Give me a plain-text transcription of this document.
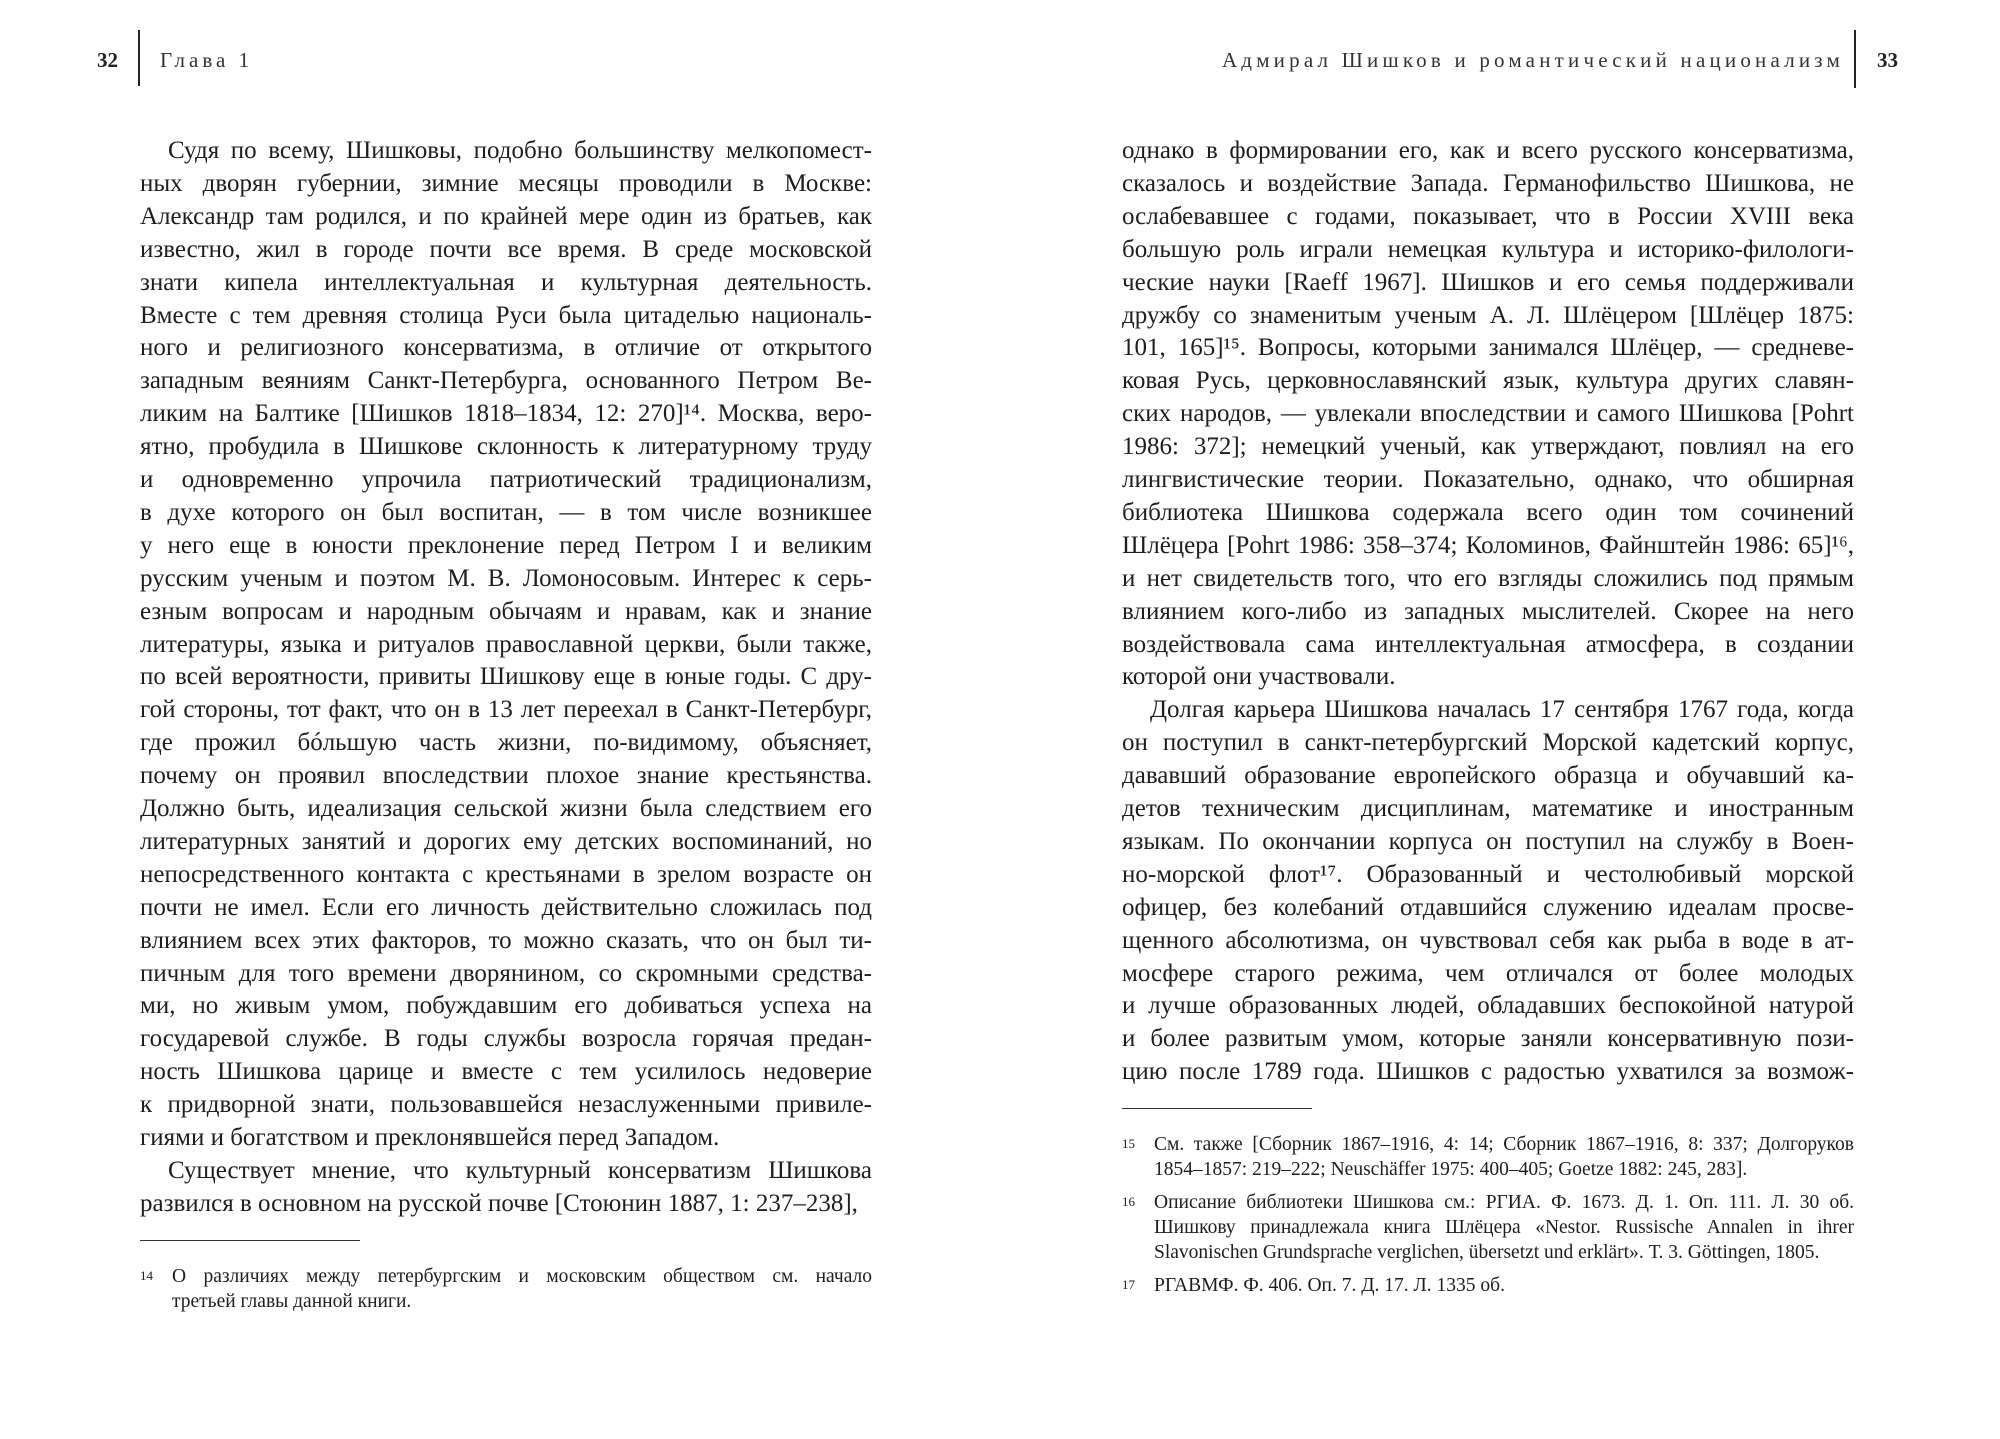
32 Глава 1	Адмирал Шишков и романтический национализм 33
Судя по всему, Шишковы, подобно большинству мелкопомест-
ных дворян губернии, зимние месяцы проводили в Москве:
Александр там родился, и по крайней мере один из братьев, как
известно, жил в городе почти все время. В среде московской
знати кипела интеллектуальная и культурная деятельность.
Вместе с тем древняя столица Руси была цитаделью националь-
ного и религиозного консерватизма, в отличие от открытого
западным веяниям Санкт-Петербурга, основанного Петром Ве-
ликим на Балтике [Шишков 1818–1834, 12: 270]¹⁴. Москва, веро-
ятно, пробудила в Шишкове склонность к литературному труду
и одновременно упрочила патриотический традиционализм,
в духе которого он был воспитан, — в том числе возникшее
у него еще в юности преклонение перед Петром I и великим
русским ученым и поэтом М. В. Ломоносовым. Интерес к серь-
езным вопросам и народным обычаям и нравам, как и знание
литературы, языка и ритуалов православной церкви, были также,
по всей вероятности, привиты Шишкову еще в юные годы. С дру-
гой стороны, тот факт, что он в 13 лет переехал в Санкт-Петербург,
где прожил бóльшую часть жизни, по-видимому, объясняет,
почему он проявил впоследствии плохое знание крестьянства.
Должно быть, идеализация сельской жизни была следствием его
литературных занятий и дорогих ему детских воспоминаний, но
непосредственного контакта с крестьянами в зрелом возрасте он
почти не имел. Если его личность действительно сложилась под
влиянием всех этих факторов, то можно сказать, что он был ти-
пичным для того времени дворянином, со скромными средства-
ми, но живым умом, побуждавшим его добиваться успеха на
государевой службе. В годы службы возросла горячая предан-
ность Шишкова царице и вместе с тем усилилось недоверие
к придворной знати, пользовавшейся незаслуженными привиле-
гиями и богатством и преклонявшейся перед Западом.
Существует мнение, что культурный консерватизм Шишкова
развился в основном на русской почве [Стоюнин 1887, 1: 237–238],
однако в формировании его, как и всего русского консерватизма,
сказалось и воздействие Запада. Германофильство Шишкова, не
ослабевавшее с годами, показывает, что в России XVIII века
большую роль играли немецкая культура и историко-филологи-
ческие науки [Raeff 1967]. Шишков и его семья поддерживали
дружбу со знаменитым ученым А. Л. Шлёцером [Шлёцер 1875:
101, 165]¹⁵. Вопросы, которыми занимался Шлёцер, — средневе-
ковая Русь, церковнославянский язык, культура других славян-
ских народов, — увлекали впоследствии и самого Шишкова [Pohrt
1986: 372]; немецкий ученый, как утверждают, повлиял на его
лингвистические теории. Показательно, однако, что обширная
библиотека Шишкова содержала всего один том сочинений
Шлёцера [Pohrt 1986: 358–374; Коломинов, Файнштейн 1986: 65]¹⁶,
и нет свидетельств того, что его взгляды сложились под прямым
влиянием кого-либо из западных мыслителей. Скорее на него
воздействовала сама интеллектуальная атмосфера, в создании
которой они участвовали.
Долгая карьера Шишкова началась 17 сентября 1767 года, когда
он поступил в санкт-петербургский Морской кадетский корпус,
дававший образование европейского образца и обучавший ка-
детов техническим дисциплинам, математике и иностранным
языкам. По окончании корпуса он поступил на службу в Воен-
но-морской флот¹⁷. Образованный и честолюбивый морской
офицер, без колебаний отдавшийся служению идеалам просве-
щенного абсолютизма, он чувствовал себя как рыба в воде в ат-
мосфере старого режима, чем отличался от более молодых
и лучше образованных людей, обладавших беспокойной натурой
и более развитым умом, которые заняли консервативную пози-
цию после 1789 года. Шишков с радостью ухватился за возмож-
14 О различиях между петербургским и московским обществом см. начало
третьей главы данной книги.
15 См. также [Сборник 1867–1916, 4: 14; Сборник 1867–1916, 8: 337; Долгоруков
1854–1857: 219–222; Neuschäffer 1975: 400–405; Goetze 1882: 245, 283].
16 Описание библиотеки Шишкова см.: РГИА. Ф. 1673. Д. 1. Оп. 111. Л. 30 об.
Шишкову принадлежала книга Шлёцера «Nestor. Russische Annalen in ihrer
Slavonischen Grundsprache verglichen, übersetzt und erklärt». Т. 3. Göttingen, 1805.
17 РГАВМФ. Ф. 406. Оп. 7. Д. 17. Л. 1335 об.
